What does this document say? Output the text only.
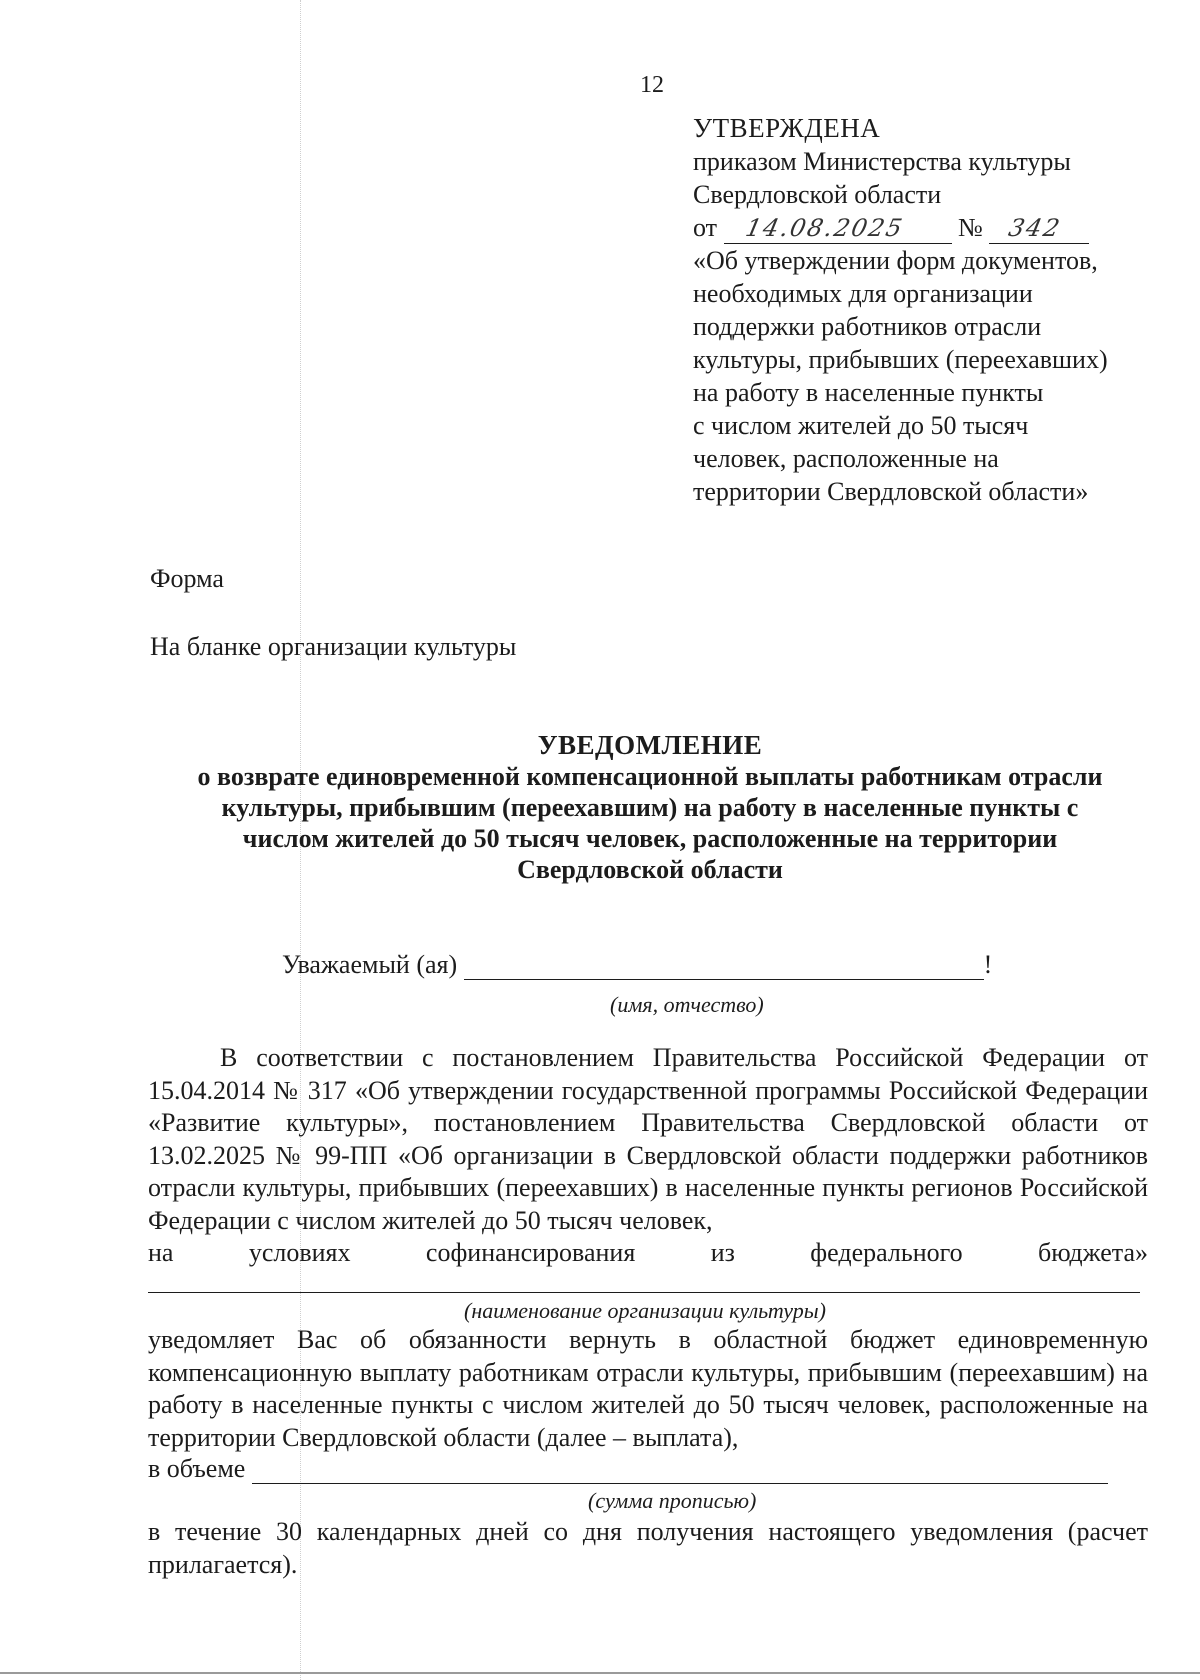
12
УТВЕРЖДЕНА
приказом Министерства культуры
Свердловской области
от 14.08.2025 № 342
«Об утверждении форм документов,
необходимых для организации
поддержки работников отрасли
культуры, прибывших (переехавших)
на работу в населенные пункты
с числом жителей до 50 тысяч
человек, расположенные на
территории Свердловской области»
Форма
На бланке организации культуры
УВЕДОМЛЕНИЕ
о возврате единовременной компенсационной выплаты работникам отрасли
культуры, прибывшим (переехавшим) на работу в населенные пункты с
числом жителей до 50 тысяч человек, расположенные на территории
Свердловской области
Уважаемый (ая)	!
(имя, отчество)
В соответствии с постановлением Правительства Российской Федерации от 15.04.2014 № 317 «Об утверждении государственной программы Российской Федерации «Развитие культуры», постановлением Правительства Свердловской области от 13.02.2025 № 99-ПП «Об организации в Свердловской области поддержки работников отрасли культуры, прибывших (переехавших) в населенные пункты регионов Российской Федерации с числом жителей до 50 тысяч человек,
на условиях софинансирования из федерального бюджета»
(наименование организации культуры)
уведомляет Вас об обязанности вернуть в областной бюджет единовременную компенсационную выплату работникам отрасли культуры, прибывшим (переехавшим) на работу в населенные пункты с числом жителей до 50 тысяч человек, расположенные на территории Свердловской области (далее – выплата),
в объеме
(сумма прописью)
в течение 30 календарных дней со дня получения настоящего уведомления (расчет прилагается).
